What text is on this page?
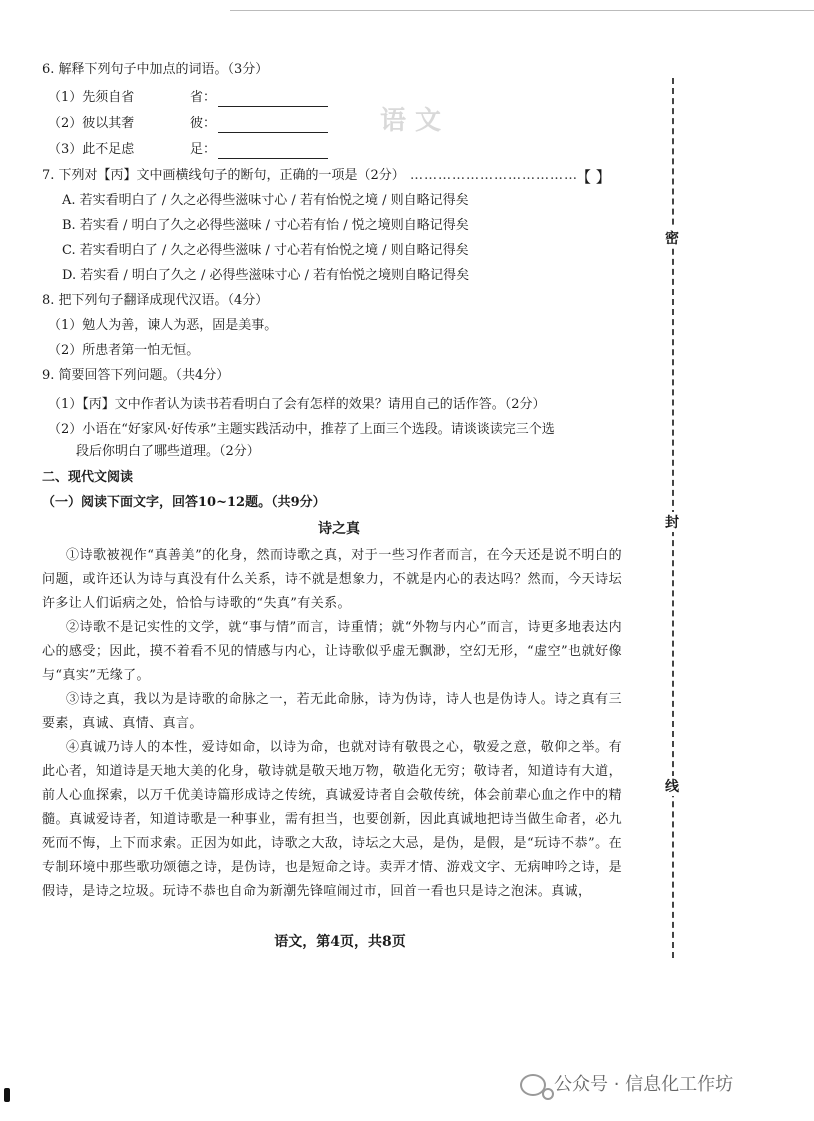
语 文
6. 解释下列句子中加点的词语。（3分）
（1）先须自省	省：
（2）彼以其奢	彼：
（3）此不足虑	足：
7. 下列对【丙】文中画横线句子的断句，正确的一项是（2分） ………………………………
【 】
A. 若实看明白了 / 久之必得些滋味寸心 / 若有怡悦之境 / 则自略记得矣
B. 若实看 / 明白了久之必得些滋味 / 寸心若有怡 / 悦之境则自略记得矣
C. 若实看明白了 / 久之必得些滋味 / 寸心若有怡悦之境 / 则自略记得矣
D. 若实看 / 明白了久之 / 必得些滋味寸心 / 若有怡悦之境则自略记得矣
8. 把下列句子翻译成现代汉语。（4分）
（1）勉人为善，谏人为恶，固是美事。
（2）所患者第一怕无恒。
9. 简要回答下列问题。（共4分）
（1）【丙】文中作者认为读书若看明白了会有怎样的效果？请用自己的话作答。（2分）
（2）小语在“好家风·好传承”主题实践活动中，推荐了上面三个选段。请谈谈读完三个选
段后你明白了哪些道理。（2分）
二、现代文阅读
（一）阅读下面文字，回答10~12题。（共9分）
诗之真

①诗歌被视作“真善美”的化身，然而诗歌之真，对于一些习作者而言，在今天还是说不明白的问题，或许还认为诗与真没有什么关系，诗不就是想象力，不就是内心的表达吗？然而，今天诗坛许多让人们诟病之处，恰恰与诗歌的“失真”有关系。

②诗歌不是记实性的文学，就“事与情”而言，诗重情；就“外物与内心”而言，诗更多地表达内心的感受；因此，摸不着看不见的情感与内心，让诗歌似乎虚无飘渺，空幻无形，“虚空”也就好像与“真实”无缘了。

③诗之真，我以为是诗歌的命脉之一，若无此命脉，诗为伪诗，诗人也是伪诗人。诗之真有三要素，真诚、真情、真言。

④真诚乃诗人的本性，爱诗如命，以诗为命，也就对诗有敬畏之心，敬爱之意，敬仰之举。有此心者，知道诗是天地大美的化身，敬诗就是敬天地万物，敬造化无穷；敬诗者，知道诗有大道，前人心血探索，以万千优美诗篇形成诗之传统，真诚爱诗者自会敬传统，体会前辈心血之作中的精髓。真诚爱诗者，知道诗歌是一种事业，需有担当，也要创新，因此真诚地把诗当做生命者，必九死而不悔，上下而求索。正因为如此，诗歌之大敌，诗坛之大忌，是伪，是假，是“玩诗不恭”。在专制环境中那些歌功颂德之诗，是伪诗，也是短命之诗。卖弄才情、游戏文字、无病呻吟之诗，是假诗，是诗之垃圾。玩诗不恭也自命为新潮先锋喧闹过市，回首一看也只是诗之泡沫。真诚，

语文，第4页，共8页
密
封
线
公众号 · 信息化工作坊
